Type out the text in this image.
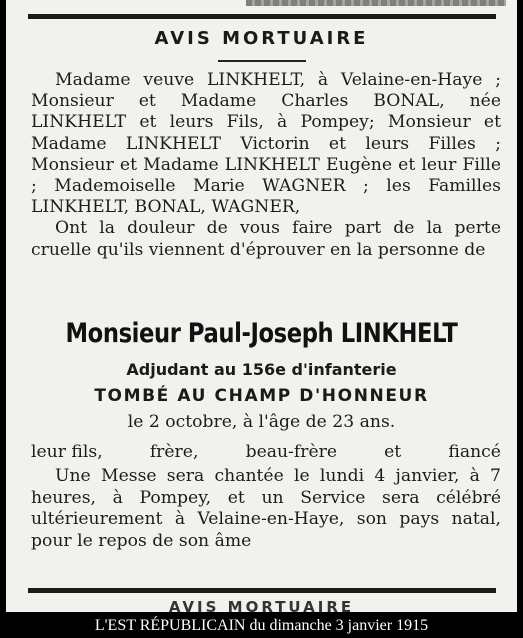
AVIS MORTUAIRE

Madame veuve LINKHELT, à Velaine-en-Haye ; Monsieur et Madame Charles BONAL, née LINKHELT et leurs Fils, à Pompey; Monsieur et Madame LINKHELT Victorin et leurs Filles ; Monsieur et Madame LINKHELT Eugène et leur Fille ; Mademoiselle Marie WAGNER ; les Familles LINKHELT, BONAL, WAGNER,

Ont la douleur de vous faire part de la perte cruelle qu'ils viennent d'éprouver en la personne de

Monsieur Paul-Joseph LINKHELT
Adjudant au 156e d'infanterie
TOMBÉ AU CHAMP D'HONNEUR
le 2 octobre, à l'âge de 23 ans.
leur fils,	frère,	beau-frère	et	fiancé

Une Messe sera chantée le lundi 4 janvier, à 7 heures, à Pompey, et un Service sera célébré ultérieurement à Velaine-en-Haye, son pays natal, pour le repos de son âme

AVIS MORTUAIRE
L'EST RÉPUBLICAIN du dimanche 3 janvier 1915
